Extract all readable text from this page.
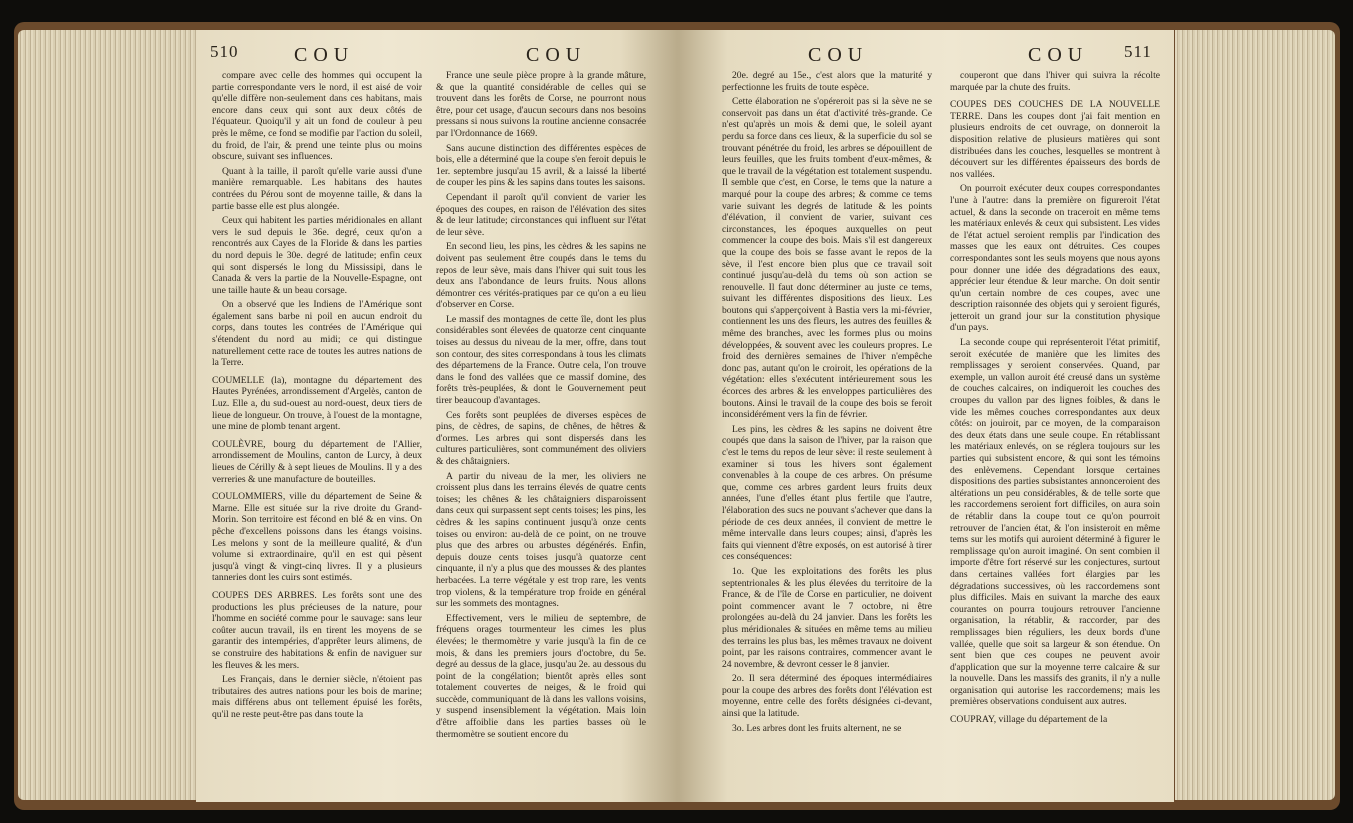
510	COU	COU

compare avec celle des hommes qui occupent la partie correspondante vers le nord, il est aisé de voir qu'elle diffère non-seulement dans ces habitans, mais encore dans ceux qui sont aux deux côtés de l'équateur. Quoiqu'il y ait un fond de couleur à peu près le même, ce fond se modifie par l'action du soleil, du froid, de l'air, & prend une teinte plus ou moins obscure, suivant ses influences.

Quant à la taille, il paroît qu'elle varie aussi d'une manière remarquable. Les habitans des hautes contrées du Pérou sont de moyenne taille, & dans la partie basse elle est plus alongée.

Ceux qui habitent les parties méridionales en allant vers le sud depuis le 36e. degré, ceux qu'on a rencontrés aux Cayes de la Floride & dans les parties du nord depuis le 30e. degré de latitude; enfin ceux qui sont dispersés le long du Mississipi, dans le Canada & vers la partie de la Nouvelle-Espagne, ont une taille haute & un beau corsage.

On a observé que les Indiens de l'Amérique sont également sans barbe ni poil en aucun endroit du corps, dans toutes les contrées de l'Amérique qui s'étendent du nord au midi; ce qui distingue naturellement cette race de toutes les autres nations de la Terre.

COUMELLE (la), montagne du département des Hautes Pyrénées, arrondissement d'Argelès, canton de Luz. Elle a, du sud-ouest au nord-ouest, deux tiers de lieue de longueur. On trouve, à l'ouest de la montagne, une mine de plomb tenant argent.

COULÈVRE, bourg du département de l'Allier, arrondissement de Moulins, canton de Lurcy, à deux lieues de Cérilly & à sept lieues de Moulins. Il y a des verreries & une manufacture de bouteilles.

COULOMMIERS, ville du département de Seine & Marne. Elle est située sur la rive droite du Grand-Morin. Son territoire est fécond en blé & en vins. On pêche d'excellens poissons dans les étangs voisins. Les melons y sont de la meilleure qualité, & d'un volume si extraordinaire, qu'il en est qui pèsent jusqu'à vingt & vingt-cinq livres. Il y a plusieurs tanneries dont les cuirs sont estimés.

COUPES DES ARBRES. Les forêts sont une des productions les plus précieuses de la nature, pour l'homme en société comme pour le sauvage: sans leur coûter aucun travail, ils en tirent les moyens de se garantir des intempéries, d'apprêter leurs alimens, de se construire des habitations & enfin de naviguer sur les fleuves & les mers.

Les Français, dans le dernier siècle, n'étoient pas tributaires des autres nations pour les bois de marine; mais différens abus ont tellement épuisé les forêts, qu'il ne reste peut-être pas dans toute la

France une seule pièce propre à la grande mâture, & que la quantité considérable de celles qui se trouvent dans les forêts de Corse, ne pourront nous être, pour cet usage, d'aucun secours dans nos besoins pressans si nous suivons la routine ancienne consacrée par l'Ordonnance de 1669.

Sans aucune distinction des différentes espèces de bois, elle a déterminé que la coupe s'en feroit depuis le 1er. septembre jusqu'au 15 avril, & a laissé la liberté de couper les pins & les sapins dans toutes les saisons.

Cependant il paroît qu'il convient de varier les époques des coupes, en raison de l'élévation des sites & de leur latitude; circonstances qui influent sur l'état de leur sève.

En second lieu, les pins, les cèdres & les sapins ne doivent pas seulement être coupés dans le tems du repos de leur sève, mais dans l'hiver qui suit tous les deux ans l'abondance de leurs fruits. Nous allons démontrer ces vérités-pratiques par ce qu'on a eu lieu d'observer en Corse.

Le massif des montagnes de cette île, dont les plus considérables sont élevées de quatorze cent cinquante toises au dessus du niveau de la mer, offre, dans tout son contour, des sites correspondans à tous les climats des départemens de la France. Outre cela, l'on trouve dans le fond des vallées que ce massif domine, des forêts très-peuplées, & dont le Gouvernement peut tirer beaucoup d'avantages.

Ces forêts sont peuplées de diverses espèces de pins, de cèdres, de sapins, de chênes, de hêtres & d'ormes. Les arbres qui sont dispersés dans les cultures particulières, sont communément des oliviers & des châtaigniers.

A partir du niveau de la mer, les oliviers ne croissent plus dans les terrains élevés de quatre cents toises; les chênes & les châtaigniers disparoissent dans ceux qui surpassent sept cents toises; les pins, les cèdres & les sapins continuent jusqu'à onze cents toises ou environ: au-delà de ce point, on ne trouve plus que des arbres ou arbustes dégénérés. Enfin, depuis douze cents toises jusqu'à quatorze cent cinquante, il n'y a plus que des mousses & des plantes herbacées. La terre végétale y est trop rare, les vents trop violens, & la température trop froide en général sur les sommets des montagnes.

Effectivement, vers le milieu de septembre, de fréquens orages tourmenteur les cimes les plus élevées; le thermomètre y varie jusqu'à la fin de ce mois, & dans les premiers jours d'octobre, du 5e. degré au dessus de la glace, jusqu'au 2e. au dessous du point de la congélation; bientôt après elles sont totalement couvertes de neiges, & le froid qui succède, communiquant de là dans les vallons voisins, y suspend insensiblement la végétation. Mais loin d'être affoiblie dans les parties basses où le thermomètre se soutient encore du

COU	COU 511

20e. degré au 15e., c'est alors que la maturité y perfectionne les fruits de toute espèce.

Cette élaboration ne s'opéreroit pas si la sève ne se conservoit pas dans un état d'activité très-grande. Ce n'est qu'après un mois & demi que, le soleil ayant perdu sa force dans ces lieux, & la superficie du sol se trouvant pénétrée du froid, les arbres se dépouillent de leurs feuilles, que les fruits tombent d'eux-mêmes, & que le travail de la végétation est totalement suspendu. Il semble que c'est, en Corse, le tems que la nature a marqué pour la coupe des arbres; & comme ce tems varie suivant les degrés de latitude & les points d'élévation, il convient de varier, suivant ces circonstances, les époques auxquelles on peut commencer la coupe des bois. Mais s'il est dangereux que la coupe des bois se fasse avant le repos de la sève, il l'est encore bien plus que ce travail soit continué jusqu'au-delà du tems où son action se renouvelle. Il faut donc déterminer au juste ce tems, suivant les différentes dispositions des lieux. Les boutons qui s'apperçoivent à Bastia vers la mi-février, contiennent les uns des fleurs, les autres des feuilles & même des branches, avec les formes plus ou moins développées, & souvent avec les couleurs propres. Le froid des dernières semaines de l'hiver n'empêche donc pas, autant qu'on le croiroit, les opérations de la végétation: elles s'exécutent intérieurement sous les écorces des arbres & les enveloppes particulières des boutons. Ainsi le travail de la coupe des bois se feroit inconsidérément vers la fin de février.

Les pins, les cèdres & les sapins ne doivent être coupés que dans la saison de l'hiver, par la raison que c'est le tems du repos de leur sève: il reste seulement à examiner si tous les hivers sont également convenables à la coupe de ces arbres. On présume que, comme ces arbres gardent leurs fruits deux années, l'une d'elles étant plus fertile que l'autre, l'élaboration des sucs ne pouvant s'achever que dans la période de ces deux années, il convient de mettre le même intervalle dans leurs coupes; ainsi, d'après les faits qui viennent d'être exposés, on est autorisé à tirer ces conséquences:

1o. Que les exploitations des forêts les plus septentrionales & les plus élevées du territoire de la France, & de l'île de Corse en particulier, ne doivent point commencer avant le 7 octobre, ni être prolongées au-delà du 24 janvier. Dans les forêts les plus méridionales & situées en même tems au milieu des terrains les plus bas, les mêmes travaux ne doivent point, par les raisons contraires, commencer avant le 24 novembre, & devront cesser le 8 janvier.

2o. Il sera déterminé des époques intermédiaires pour la coupe des arbres des forêts dont l'élévation est moyenne, entre celle des forêts désignées ci-devant, ainsi que la latitude.

3o. Les arbres dont les fruits alternent, ne se

couperont que dans l'hiver qui suivra la récolte marquée par la chute des fruits.

COUPES DES COUCHES DE LA NOUVELLE TERRE. Dans les coupes dont j'ai fait mention en plusieurs endroits de cet ouvrage, on donneroit la disposition relative de plusieurs matières qui sont distribuées dans les couches, lesquelles se montrent à découvert sur les différentes épaisseurs des bords de nos vallées.

On pourroit exécuter deux coupes correspondantes l'une à l'autre: dans la première on figureroit l'état actuel, & dans la seconde on traceroit en même tems les matériaux enlevés & ceux qui subsistent. Les vides de l'état actuel seroient remplis par l'indication des masses que les eaux ont détruites. Ces coupes correspondantes sont les seuls moyens que nous ayons pour donner une idée des dégradations des eaux, apprécier leur étendue & leur marche. On doit sentir qu'un certain nombre de ces coupes, avec une description raisonnée des objets qui y seroient figurés, jetteroit un grand jour sur la constitution physique d'un pays.

La seconde coupe qui représenteroit l'état primitif, seroit exécutée de manière que les limites des remplissages y seroient conservées. Quand, par exemple, un vallon auroit été creusé dans un système de couches calcaires, on indiqueroit les couches des croupes du vallon par des lignes foibles, & dans le vide les mêmes couches correspondantes aux deux côtés: on jouiroit, par ce moyen, de la comparaison des deux états dans une seule coupe. En rétablissant les matériaux enlevés, on se réglera toujours sur les parties qui subsistent encore, & qui sont les témoins des enlèvemens. Cependant lorsque certaines dispositions des parties subsistantes annonceroient des altérations un peu considérables, & de telle sorte que les raccordemens seroient fort difficiles, on aura soin de rétablir dans la coupe tout ce qu'on pourroit retrouver de l'ancien état, & l'on insisteroit en même tems sur les motifs qui auroient déterminé à figurer le remplissage qu'on auroit imaginé. On sent combien il importe d'être fort réservé sur les conjectures, surtout dans certaines vallées fort élargies par les dégradations successives, où les raccordemens sont plus difficiles. Mais en suivant la marche des eaux courantes on pourra toujours retrouver l'ancienne organisation, la rétablir, & raccorder, par des remplissages bien réguliers, les deux bords d'une vallée, quelle que soit sa largeur & son étendue. On sent bien que ces coupes ne peuvent avoir d'application que sur la moyenne terre calcaire & sur la nouvelle. Dans les massifs des granits, il n'y a nulle organisation qui autorise les raccordemens; mais les premières observations conduisent aux autres.

COUPRAY, village du département de la
